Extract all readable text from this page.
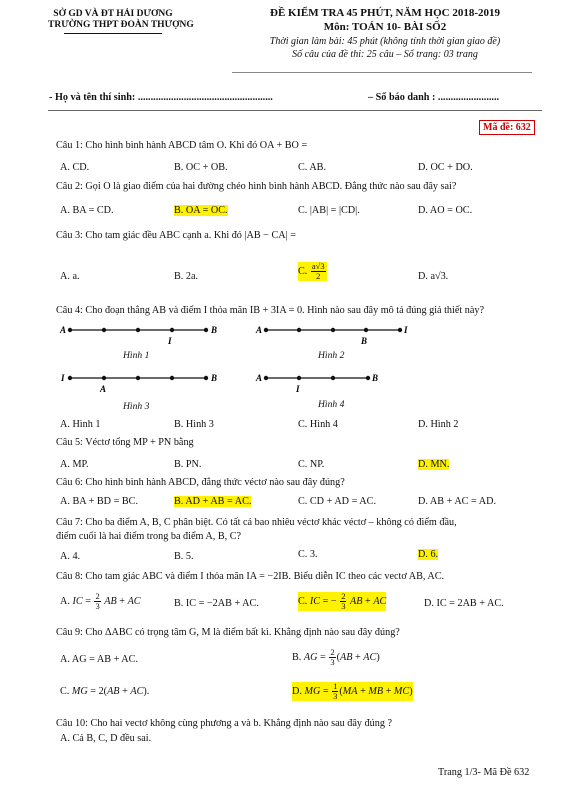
SỞ GD VÀ ĐT HẢI DƯƠNG
TRƯỜNG THPT ĐOÀN THƯỢNG
ĐỀ KIỂM TRA 45 PHÚT, NĂM HỌC 2018-2019
Môn: TOÁN 10- BÀI SỐ2
Thời gian làm bài: 45 phút (không tính thời gian giao đề)
Số câu của đề thi: 25 câu – Số trang: 03 trang
- Họ và tên thí sinh: .....................................................	– Số báo danh : ........................
Mã đề: 632
Câu 1: Cho hình bình hành ABCD tâm O. Khi đó OA + BO =
A. CD.	B. OC + OB.	C. AB.	D. OC + DO.
Câu 2: Gọi O là giao điểm của hai đường chéo hình bình hành ABCD. Đẳng thức nào sau đây sai?
A. BA = CD.	B. OA = OC.	C. |AB| = |CD|.	D. AO = OC.
Câu 3: Cho tam giác đều ABC cạnh a. Khi đó |AB − CA| =
A. a.	B. 2a.	C. $\frac{a√3}{2}$	D. a√3.
Câu 4: Cho đoạn thẳng AB và điểm I thỏa mãn IB + 3IA = 0. Hình nào sau đây mô tả đúng giả thiết này?
A	B
I
A	I
B
I	B
A
A	B
I
Hình 1	Hình 2
Hình 3	Hình 4
A. Hình 1	B. Hình 3	C. Hình 4	D. Hình 2
Câu 5: Véctơ tổng MP + PN bằng
A. MP.	B. PN.	C. NP.	D. MN.
Câu 6: Cho hình bình hành ABCD, đẳng thức véctơ nào sau đây đúng?
A. BA + BD = BC.	B. AD + AB = AC.	C. CD + AD = AC.	D. AB + AC = AD.
Câu 7: Cho ba điểm A, B, C phân biệt. Có tất cả bao nhiêu véctơ khác véctơ – không có điểm đầu,
điểm cuối là hai điểm trong ba điểm A, B, C?
A. 4.	B. 5.	C. 3.	D. 6.
Câu 8: Cho tam giác ABC và điểm I thỏa mãn IA = −2IB. Biểu diễn IC theo các vectơ AB, AC.
A. IC = $\frac{2}{3}$ AB + AC	B. IC = −2AB + AC.	C. IC = − $\frac{2}{3}$ AB + AC	D. IC = 2AB + AC.
Câu 9: Cho ΔABC có trọng tâm G, M là điểm bất kì. Khẳng định nào sau đây đúng?
A. AG = AB + AC.	B. AG = $\frac{2}{3} (AB + AC)$
C. MG = 2(AB + AC).	D. MG = $\frac{1}{3} (MA$ + MB + MC)
Câu 10: Cho hai vectơ không cùng phương a và b. Khẳng định nào sau đây đúng ?
A. Cả B, C, D đều sai.
Trang 1/3- Mã Đề 632
